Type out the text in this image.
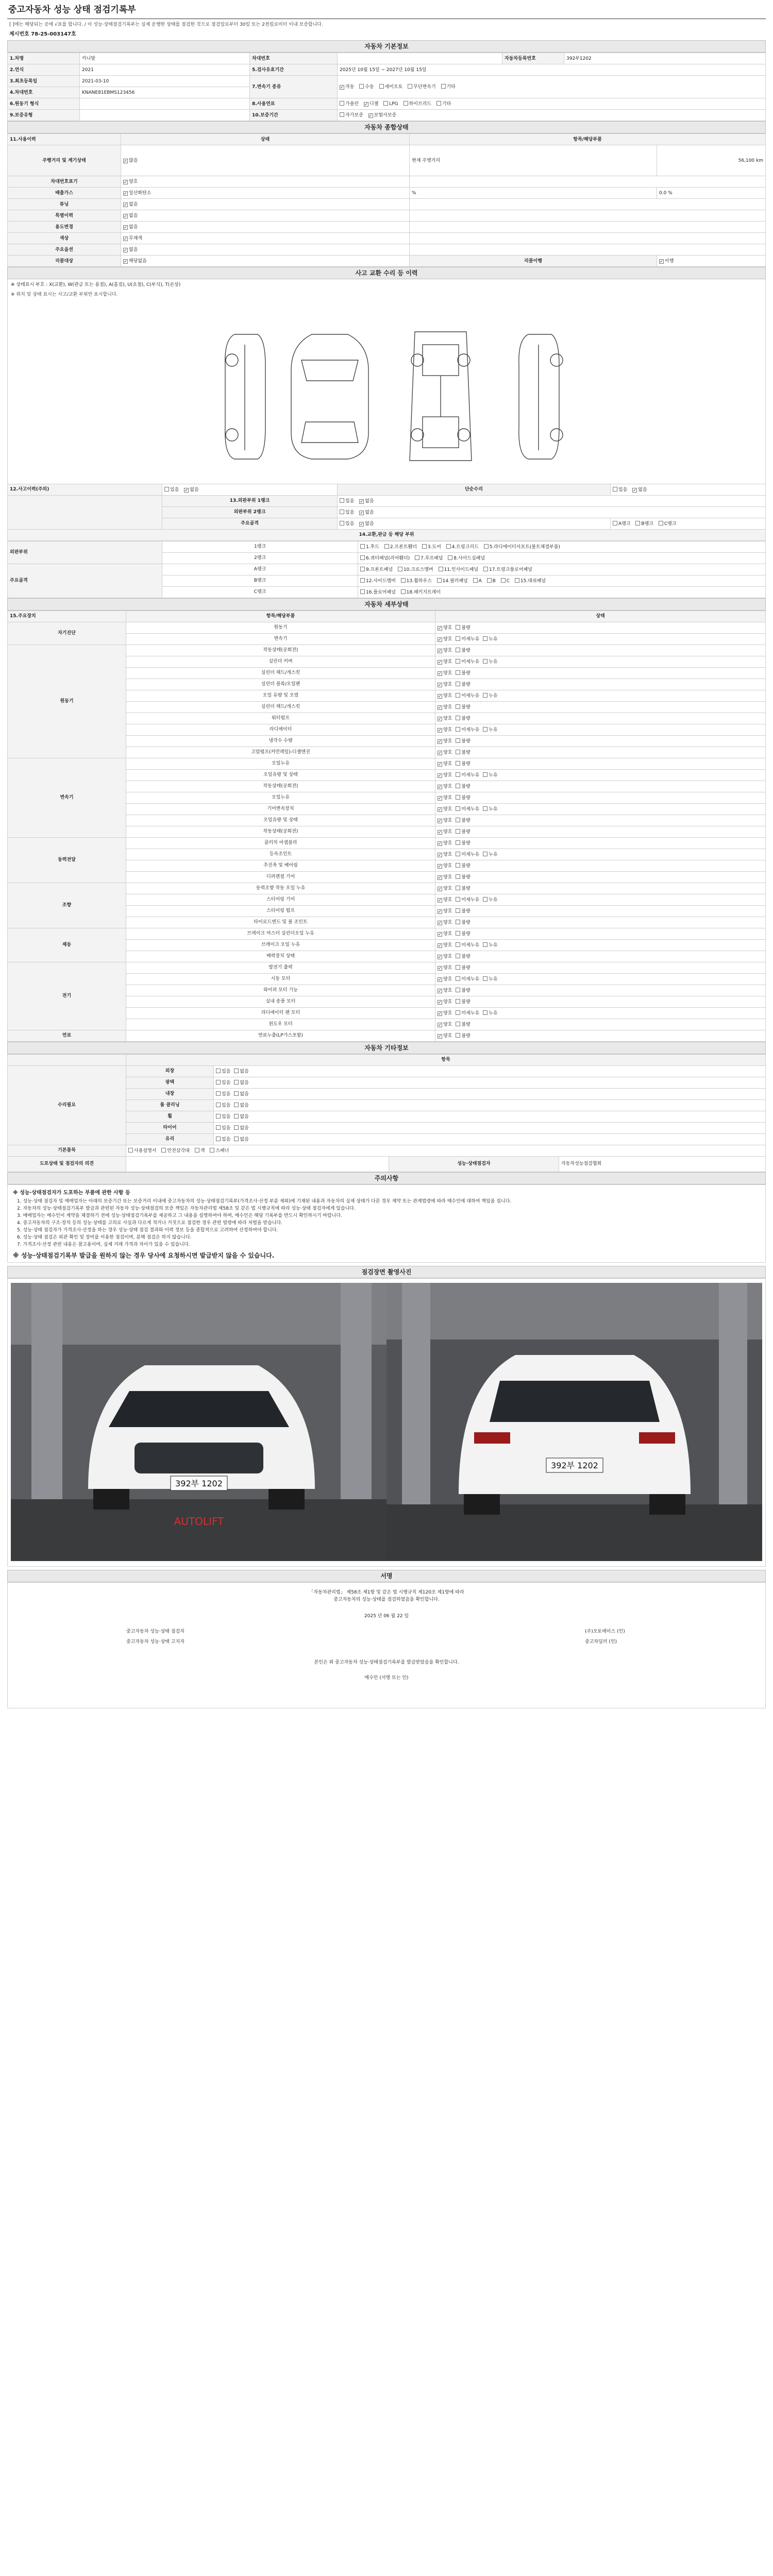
중고자동차 성능 상태 점검기록부
[ ]에는 해당되는 곳에 √표를 합니다. / 이 성능·상태점검기록부는 실제 운행한 상태를 점검한 것으로 점검일로부터 30일 또는 2천킬로미터 이내 보증합니다.
제시번호 78-25-003147호
자동차 기본정보
1.차명	카니발	차대번호		자동차등록번호	392부1202
2.연식	2021	5.검사유효기간	2025년 10월 15일 ~ 2027년 10월 15일		
3.최초등록일	2021-03-10	7.변속기 종류	✓자동 수동 세미오토 무단변속기 기타
4.차대번호	KNANE81EBMS123456				
6.원동기 형식		8.사용연료	가솔린 ✓ 디젤 LPG 하이브리드 기타
9.보증유형		10.보증기간	자가보증 ✓ 보험사보증
자동차 종합상태
11.사용이력	상태	항목/해당부품	
주행거리 및 계기상태	✓많음	현재 주행거리	56,100 km
차대번호표기	✓양호	
배출가스	✓일산화탄소	%	0.0 %
튜닝	✓없음	
특별이력	✓없음	
용도변경	✓없음	
색상	✓무채색	
주요옵션	✓없음	
리콜대상	✓해당없음	리콜이행	✓이행
사고 교환 수리 등 이력
※ 상태표시 부호 : X(교환), W(판금 또는 용접), A(흠집), U(요철), C(부식), T(손상)
※ 위치 및 상태 표시는 사고/교환 부위만 표시합니다.
12.사고이력(주의)	있음 ✓ 없음	단순수리	있음 ✓ 없음
	13.외판부위 1랭크	있음 ✓ 없음
	외판부위 2랭크	있음 ✓ 없음
	주요골격	있음 ✓ 없음	A랭크 B랭크 C랭크
14.교환,판금 등 해당 부위			
외판부위	1랭크	1.후드 2.프론트휀더 3.도어 4.트렁크리드 5.라디에이터서포트(볼트체결부품)
	2랭크	6.쿼터패널(리어휀더) 7.루프패널 8.사이드실패널
주요골격	A랭크	9.프론트패널 10.크로스멤버 11.인사이드패널 17.트렁크플로어패널
	B랭크	12.사이드멤버 13.휠하우스 14.필러패널 A B C 15.대쉬패널
	C랭크	16.플로어패널 18.패키지트레이
자동차 세부상태
15.주요장치	항목/해당부품	상태
자기진단	원동기	✓양호 불량
	변속기	✓양호 미세누유 누유
원동기	작동상태(공회전)	✓양호 불량
	실린더 커버	✓양호 미세누유 누유
	실린더 헤드/개스킷	✓양호 불량
	실린더 블록/오일팬	✓양호 불량
	오일 유량 및 오염	✓양호 미세누유 누유
	실린더 헤드/개스킷	✓양호 불량
	워터펌프	✓양호 불량
	라디에이터	✓양호 미세누유 누유
	냉각수 수량	✓양호 불량
	고압펌프(커먼레일)-디젤엔진	✓양호 불량
변속기	오일누유	✓양호 불량
	오일유량 및 상태	✓양호 미세누유 누유
	작동상태(공회전)	✓양호 불량
	오일누유	✓양호 불량
	기어변속장치	✓양호 미세누유 누유
	오일유량 및 상태	✓양호 불량
	작동상태(공회전)	✓양호 불량
동력전달	클러치 어셈블리	✓양호 불량
	등속조인트	✓양호 미세누유 누유
	추진축 및 베어링	✓양호 불량
	디퍼렌셜 기어	✓양호 불량
조향	동력조향 작동 오일 누유	✓양호 불량
	스티어링 기어	✓양호 미세누유 누유
	스티어링 펌프	✓양호 불량
	타이로드엔드 및 볼 조인트	✓양호 불량
제동	브레이크 마스터 실린더오일 누유	✓양호 불량
	브레이크 오일 누유	✓양호 미세누유 누유
	배력장치 상태	✓양호 불량
전기	발전기 출력	✓양호 불량
	시동 모터	✓양호 미세누유 누유
	와이퍼 모터 기능	✓양호 불량
	실내 송풍 모터	✓양호 불량
	라디에이터 팬 모터	✓양호 미세누유 누유
	윈도우 모터	✓양호 불량
연료	연료누출(LP가스포함)	✓양호 불량
자동차 기타정보
	항목			
수리필요	외장	있음 없음		
	광택	있음 없음		
	내장	있음 없음		
	룸 클리닝	있음 없음		
	휠	있음 없음		
	타이어	있음 없음		
	유리	있음 없음		
기본품목	사용설명서 안전삼각대 잭 스패너			
도포상태 및 점검자의 의견			성능·상태점검자	자동차성능점검협회
주의사항
※ 성능·상태점검자가 도포하는 부품에 관한 사항 등

1. 성능·상태 점검자 및 매매업자는 아래의 보증기간 또는 보증거리 이내에 중고자동차의 성능·상태점검기록부(가격조사·산정 부분 제외)에 기재된 내용과 자동차의 실제 상태가 다른 경우 계약 또는 관계법령에 따라 매수인에 대하여 책임을 집니다.

2. 자동차의 성능·상태점검기록부 발급과 관련된 자동차 성능·상태점검의 보증 책임은 자동차관리법 제58조 및 같은 법 시행규칙에 따라 성능·상태 점검자에게 있습니다.

3. 매매업자는 매수인이 계약을 체결하기 전에 성능·상태점검기록부를 제공하고 그 내용을 설명하여야 하며, 매수인은 해당 기록부를 반드시 확인하시기 바랍니다.

4. 중고자동차의 구조·장치 등의 성능·상태를 고의로 사실과 다르게 적거나 거짓으로 점검한 경우 관련 법령에 따라 처벌을 받습니다.

5. 성능·상태 점검자가 가격조사·산정을 하는 경우 성능·상태 점검 결과와 이력 정보 등을 종합적으로 고려하여 산정하여야 합니다.

6. 성능·상태 점검은 외관 확인 및 장비를 이용한 점검이며, 분해 점검은 하지 않습니다.

7. 가격조사·산정 관련 내용은 참고용이며, 실제 거래 가격과 차이가 있을 수 있습니다.

※ 성능·상태점검기록부 발급을 원하지 않는 경우 당사에 요청하시면 발급받지 않을 수 있습니다.
점검장면 촬영사진
392부 1202
AUTOLIFT
392부 1202
서명
「자동차관리법」 제58조 제1항 및 같은 법 시행규칙 제120조 제1항에 따라
중고자동차의 성능·상태를 점검하였음을 확인합니다.
2025 년 06 월 22 일
중고자동차 성능·상태 점검자	(주)오토에이스 (인)
중고자동차 성능·상태 고지자	중고차딜러 (인)
본인은 위 중고자동차 성능·상태점검기록부를 발급받았음을 확인합니다.
매수인 (서명 또는 인)
